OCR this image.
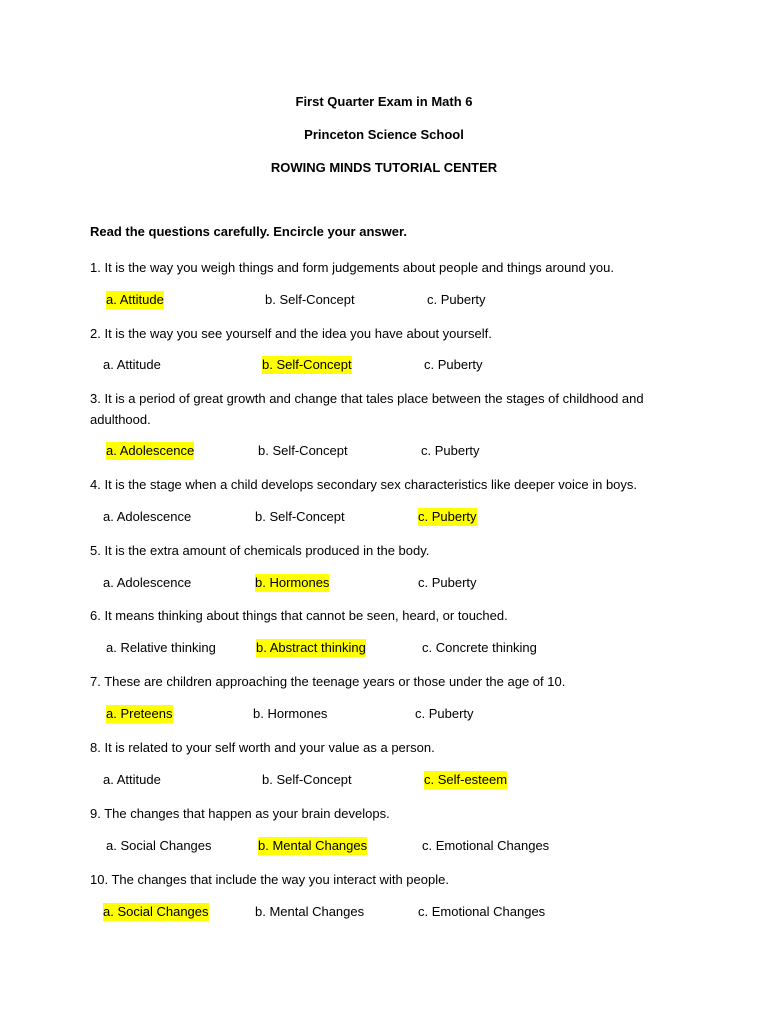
First Quarter Exam in Math 6
Princeton Science School
ROWING MINDS TUTORIAL CENTER
Read the questions carefully. Encircle your answer.
1. It is the way you weigh things and form judgements about people and things around you.
a. Attitude	b. Self-Concept	c. Puberty
2. It is the way you see yourself and the idea you have about yourself.
a. Attitude	b. Self-Concept	c. Puberty
3. It is a period of great growth and change that tales place between the stages of childhood and adulthood.
a. Adolescence	b. Self-Concept	c. Puberty
4. It is the stage when a child develops secondary sex characteristics like deeper voice in boys.
a. Adolescence	b. Self-Concept	c. Puberty
5. It is the extra amount of chemicals produced in the body.
a. Adolescence	b. Hormones	c. Puberty
6. It means thinking about things that cannot be seen, heard, or touched.
a. Relative thinking	b. Abstract thinking	c. Concrete thinking
7. These are children approaching the teenage years or those under the age of 10.
a. Preteens	b. Hormones	c. Puberty
8. It is related to your self worth and your value as a person.
a. Attitude	b. Self-Concept	c. Self-esteem
9. The changes that happen as your brain develops.
a. Social Changes	b. Mental Changes	c. Emotional Changes
10. The changes that include the way you interact with people.
a. Social Changes	b. Mental Changes	c. Emotional Changes
